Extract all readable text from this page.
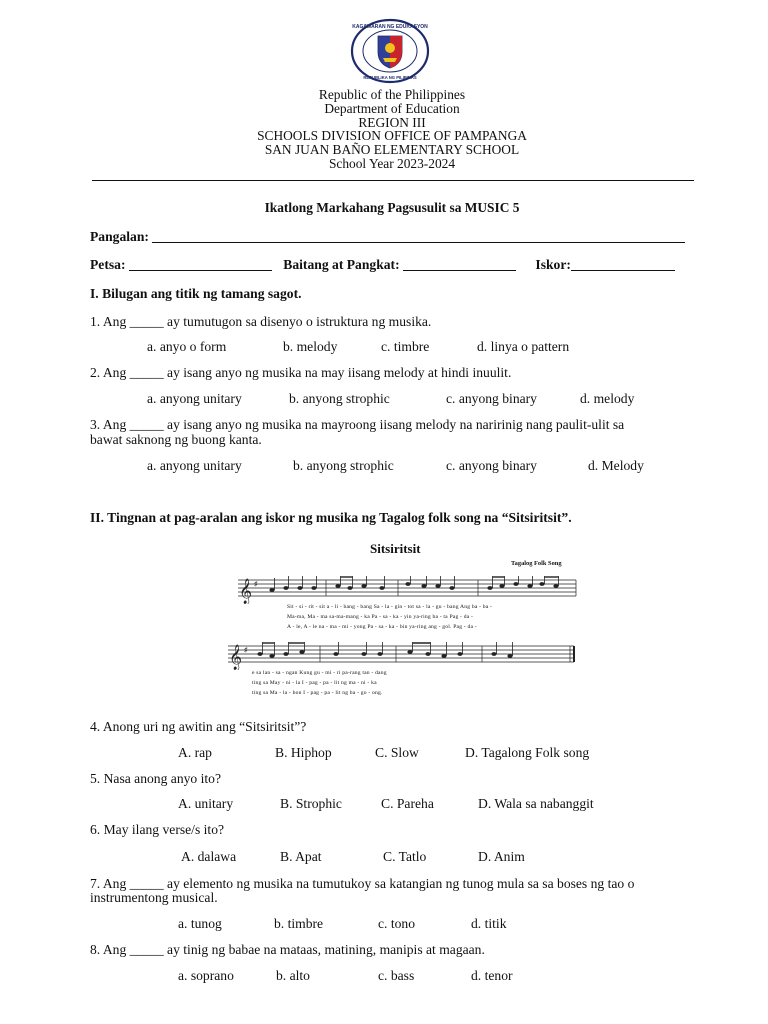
KAGAWARAN NG EDUKASYON
REPUBLIKA NG PILIPINAS
Republic of the Philippines
Department of Education
REGION III
SCHOOLS DIVISION OFFICE OF PAMPANGA
SAN JUAN BAÑO ELEMENTARY SCHOOL
School Year 2023-2024
Ikatlong Markahang Pagsusulit sa MUSIC 5
Pangalan:
Petsa:	Baitang at Pangkat:	Iskor:
I. Bilugan ang titik ng tamang sagot.
1. Ang _____ ay tumutugon sa disenyo o istruktura ng musika.
a. anyo o form	b. melody	c. timbre	d. linya o pattern
2. Ang _____ ay isang anyo ng musika na may iisang melody at hindi inuulit.
a. anyong unitary	b. anyong strophic	c. anyong binary	d. melody
3. Ang _____ ay isang anyo ng musika na mayroong iisang melody na naririnig nang paulit-ulit sa
bawat saknong ng buong kanta.
a. anyong unitary	b. anyong strophic	c. anyong binary	d. Melody
II. Tingnan at pag-aralan ang iskor ng musika ng Tagalog folk song na “Sitsiritsit”.
Sitsiritsit
Tagalog Folk Song
𝄞 ♯
Sit - si - rit - sit a - li - bang - bang Sa - la - gin - tot sa - la - gu - bang Ang ba - ba -
Ma-ma, Ma - ma sa-ma-mang - ka Pa - sa - ka - yin ya-ring ba - ta Pag - da -
A - le, A - le na - ma - mi - yong Pa - sa - ka - bin ya-ring ang - gol. Pag - da -
𝄞 ♯
e sa lan - sa - ngan Kung gu - mi - ri pa-rang tan - dang
ting sa May - ni - la I - pag - pa - lit ng ma - ni - ka
ting sa Ma - la - bon I - pag - pa - lit ng ba - go - ong.
4. Anong uri ng awitin ang “Sitsiritsit”?
A. rap	B. Hiphop	C. Slow	D. Tagalong Folk song
5. Nasa anong anyo ito?
A. unitary	B. Strophic	C. Pareha	D. Wala sa nabanggit
6. May ilang verse/s ito?
A. dalawa	B. Apat	C. Tatlo	D. Anim
7. Ang _____ ay elemento ng musika na tumutukoy sa katangian ng tunog mula sa sa boses ng tao o
instrumentong musical.
a. tunog	b. timbre	c. tono	d. titik
8. Ang _____ ay tinig ng babae na mataas, matining, manipis at magaan.
a. soprano	b. alto	c. bass	d. tenor
